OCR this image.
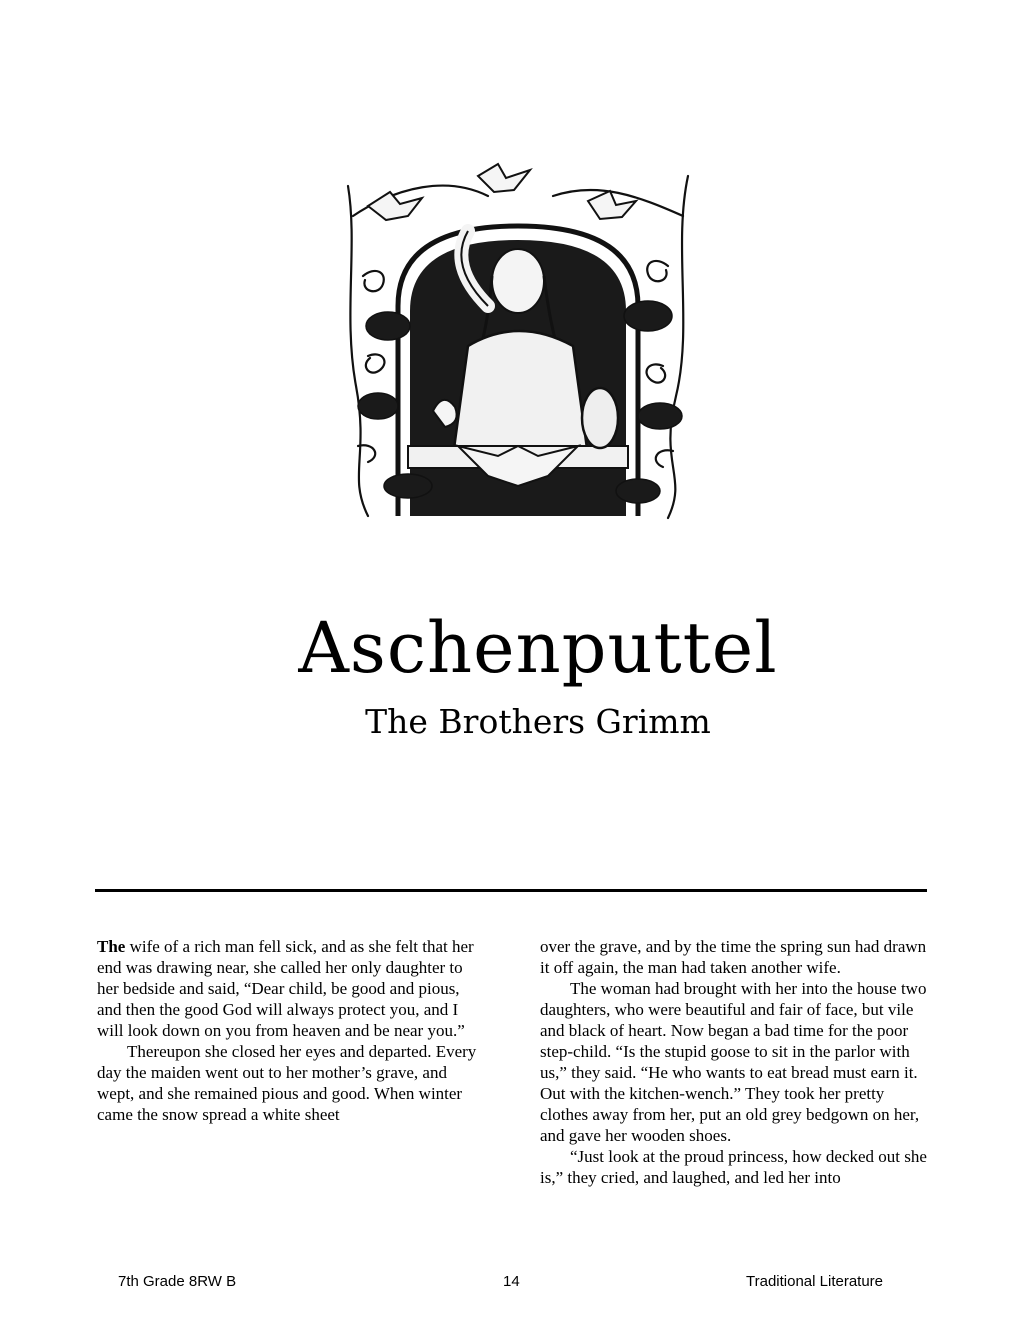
Aschenputtel
The Brothers Grimm

The wife of a rich man fell sick, and as she felt that her end was drawing near, she called her only daughter to her bedside and said, “Dear child, be good and pious, and then the good God will always protect you, and I will look down on you from heaven and be near you.”

Thereupon she closed her eyes and departed. Every day the maiden went out to her mother’s grave, and wept, and she remained pious and good. When winter came the snow spread a white sheet

over the grave, and by the time the spring sun had drawn it off again, the man had taken another wife.

The woman had brought with her into the house two daughters, who were beautiful and fair of face, but vile and black of heart. Now began a bad time for the poor step-child. “Is the stupid goose to sit in the parlor with us,” they said. “He who wants to eat bread must earn it. Out with the kitchen-wench.” They took her pretty clothes away from her, put an old grey bedgown on her, and gave her wooden shoes.

“Just look at the proud princess, how decked out she is,” they cried, and laughed, and led her into

7th Grade 8RW B	14	Traditional Literature
